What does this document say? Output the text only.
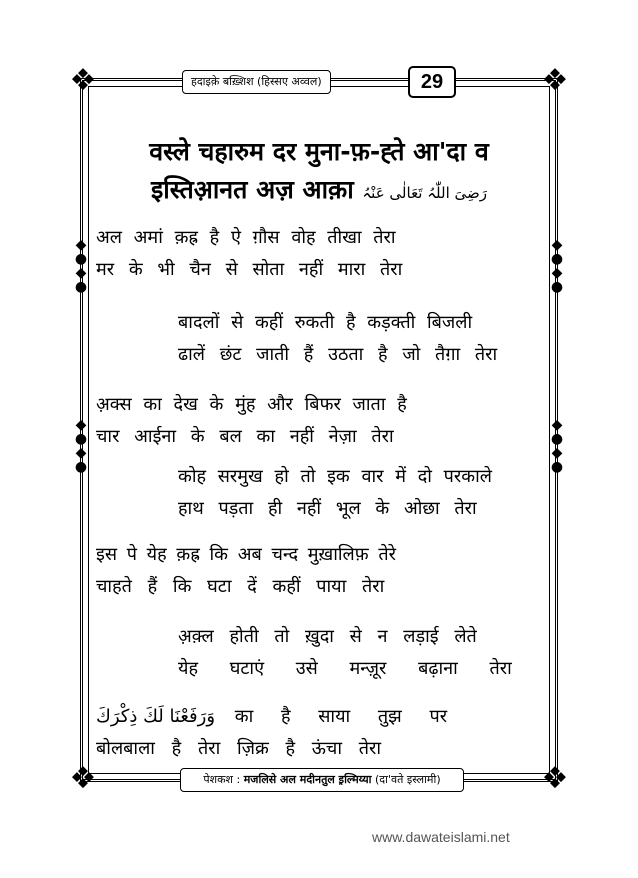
❖	❖
❖	❖
◆
●
◆
●
◆
●
◆
●
◆
●
◆
●
◆
●
◆
●
हदाइके़ बख़्शिश (हिस्सए अव्वल)	29
वस्ले चहारुम दर मुना-फ़-ह्ते आ'दा व
इस्तिआ़नत अज़ आक़ा رَضِیَ اللّٰہُ تَعَالٰی عَنْہُ
अल अमां क़ह्र है ऐ ग़ौस वोह तीखा तेरा
मर के भी चैन से सोता नहीं मारा तेरा
बादलों से कहीं रुकती है कड़क्ती बिजली
ढालें छंट जाती हैं उठता है जो तैग़ा तेरा
अ़क्स का देख के मुंह और बिफर जाता है
चार आईना के बल का नहीं नेज़ा तेरा
कोह सरमुख हो तो इक वार में दो परकाले
हाथ पड़ता ही नहीं भूल के ओछा तेरा
इस पे येह क़ह्र कि अब चन्द मुख़ालिफ़ तेरे
चाहते हैं कि घटा दें कहीं पाया तेरा
अ़क़्ल होती तो ख़ुदा से न लड़ाई लेते
येह घटाएं उसे मन्ज़ूर बढ़ाना तेरा
وَرَفَعْنَا لَكَ ذِكْرَكَ का है साया तुझ पर
बोलबाला है तेरा ज़िक्र है ऊंचा तेरा
पेशकश : मजलिसे अल मदीनतुल इ़ल्मिय्या (दा'वते इस्लामी)
www.dawateislami.net
